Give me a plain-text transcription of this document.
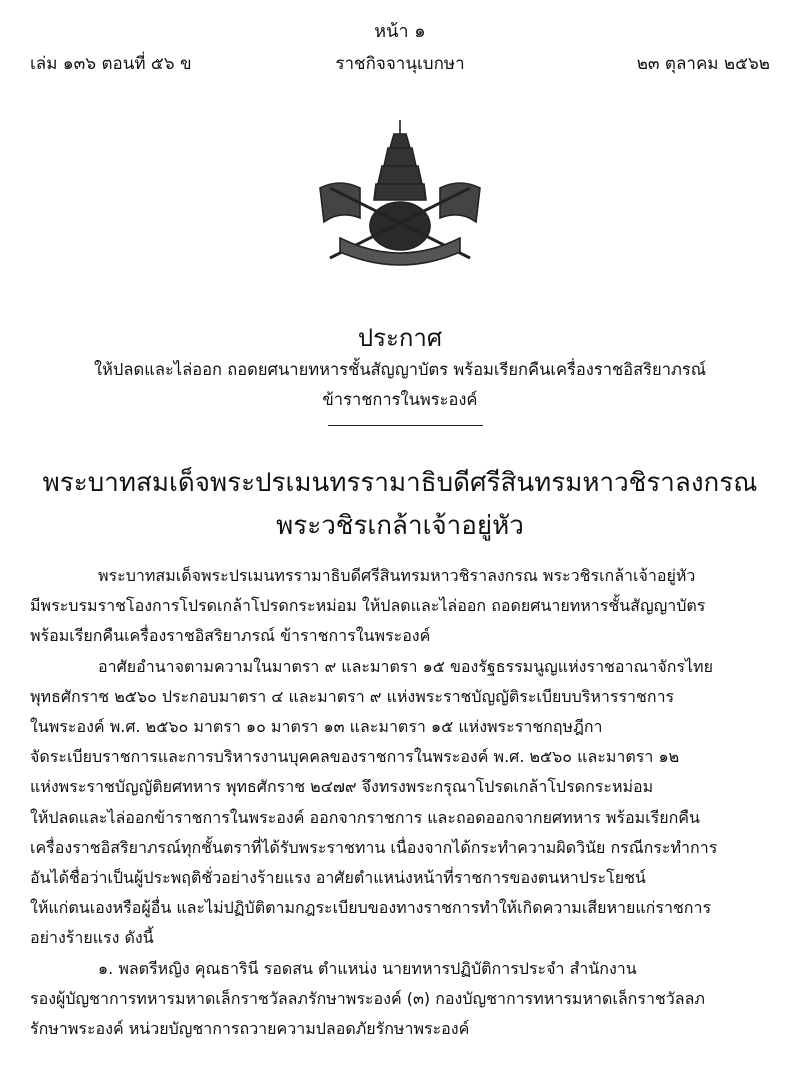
หน้า ๑
เล่ม ๑๓๖ ตอนที่ ๕๖ ข	ราชกิจจานุเบกษา	๒๓ ตุลาคม ๒๕๖๒
ประกาศ
ให้ปลดและไล่ออก ถอดยศนายทหารชั้นสัญญาบัตร พร้อมเรียกคืนเครื่องราชอิสริยาภรณ์
ข้าราชการในพระองค์
พระบาทสมเด็จพระปรเมนทรรามาธิบดีศรีสินทรมหาวชิราลงกรณ
พระวชิรเกล้าเจ้าอยู่หัว

พระบาทสมเด็จพระปรเมนทรรามาธิบดีศรีสินทรมหาวชิราลงกรณ พระวชิรเกล้าเจ้าอยู่หัว
มีพระบรมราชโองการโปรดเกล้าโปรดกระหม่อม ให้ปลดและไล่ออก ถอดยศนายทหารชั้นสัญญาบัตร
พร้อมเรียกคืนเครื่องราชอิสริยาภรณ์ ข้าราชการในพระองค์

อาศัยอำนาจตามความในมาตรา ๙ และมาตรา ๑๕ ของรัฐธรรมนูญแห่งราชอาณาจักรไทย
พุทธศักราช ๒๕๖๐ ประกอบมาตรา ๔ และมาตรา ๙ แห่งพระราชบัญญัติระเบียบบริหารราชการ
ในพระองค์ พ.ศ. ๒๕๖๐ มาตรา ๑๐ มาตรา ๑๓ และมาตรา ๑๕ แห่งพระราชกฤษฎีกา
จัดระเบียบราชการและการบริหารงานบุคคลของราชการในพระองค์ พ.ศ. ๒๕๖๐ และมาตรา ๑๒
แห่งพระราชบัญญัติยศทหาร พุทธศักราช ๒๔๗๙ จึงทรงพระกรุณาโปรดเกล้าโปรดกระหม่อม
ให้ปลดและไล่ออกข้าราชการในพระองค์ ออกจากราชการ และถอดออกจากยศทหาร พร้อมเรียกคืน
เครื่องราชอิสริยาภรณ์ทุกชั้นตราที่ได้รับพระราชทาน เนื่องจากได้กระทำความผิดวินัย กรณีกระทำการ
อันได้ชื่อว่าเป็นผู้ประพฤติชั่วอย่างร้ายแรง อาศัยตำแหน่งหน้าที่ราชการของตนหาประโยชน์
ให้แก่ตนเองหรือผู้อื่น และไม่ปฏิบัติตามกฎระเบียบของทางราชการทำให้เกิดความเสียหายแก่ราชการ
อย่างร้ายแรง ดังนี้

๑. พลตรีหญิง คุณธารินี รอดสน ตำแหน่ง นายทหารปฏิบัติการประจำ สำนักงาน
รองผู้บัญชาการทหารมหาดเล็กราชวัลลภรักษาพระองค์ (๓) กองบัญชาการทหารมหาดเล็กราชวัลลภ
รักษาพระองค์ หน่วยบัญชาการถวายความปลอดภัยรักษาพระองค์
